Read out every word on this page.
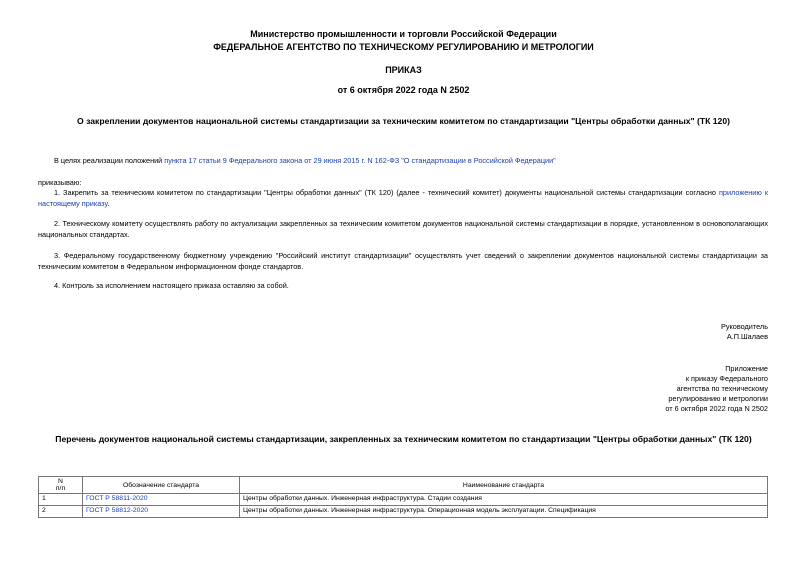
Министерство промышленности и торговли Российской Федерации
ФЕДЕРАЛЬНОЕ АГЕНТСТВО ПО ТЕХНИЧЕСКОМУ РЕГУЛИРОВАНИЮ И МЕТРОЛОГИИ
ПРИКАЗ
от 6 октября 2022 года N 2502
О закреплении документов национальной системы стандартизации за техническим комитетом по стандартизации "Центры обработки данных" (ТК 120)
В целях реализации положений пункта 17 статьи 9 Федерального закона от 29 июня 2015 г. N 162-ФЗ "О стандартизации в Российской Федерации"
приказываю:
1. Закрепить за техническим комитетом по стандартизации "Центры обработки данных" (ТК 120) (далее - технический комитет) документы национальной системы стандартизации согласно приложению к настоящему приказу.
2. Техническому комитету осуществлять работу по актуализации закрепленных за техническим комитетом документов национальной системы стандартизации в порядке, установленном в основополагающих национальных стандартах.
3. Федеральному государственному бюджетному учреждению "Российский институт стандартизации" осуществлять учет сведений о закреплении документов национальной системы стандартизации за техническим комитетом в Федеральном информационном фонде стандартов.
4. Контроль за исполнением настоящего приказа оставляю за собой.
Руководитель
А.П.Шалаев
Приложение
к приказу Федерального
агентства по техническому
регулированию и метрологии
от 6 октября 2022 года N 2502
Перечень документов национальной системы стандартизации, закрепленных за техническим комитетом по стандартизации "Центры обработки данных" (ТК 120)
N
п/п	Обозначение стандарта	Наименование стандарта
1	ГОСТ Р 58811-2020	Центры обработки данных. Инженерная инфраструктура. Стадии создания
2	ГОСТ Р 58812-2020	Центры обработки данных. Инженерная инфраструктура. Операционная модель эксплуатации. Спецификация
